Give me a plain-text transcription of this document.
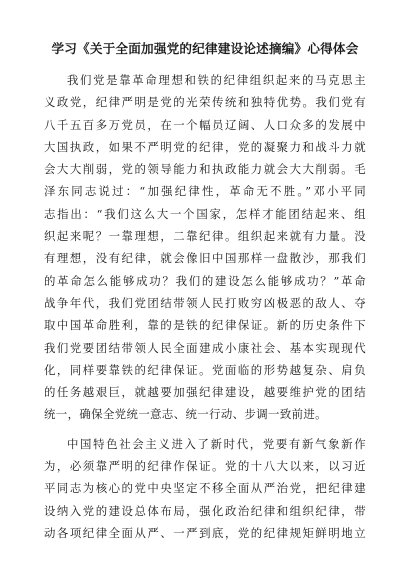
学习《关于全面加强党的纪律建设论述摘编》心得体会
我们党是靠革命理想和铁的纪律组织起来的马克思主
义政党，纪律严明是党的光荣传统和独特优势。我们党有
八千五百多万党员，在一个幅员辽阔、人口众多的发展中
大国执政，如果不严明党的纪律，党的凝聚力和战斗力就
会大大削弱，党的领导能力和执政能力就会大大削弱。毛
泽东同志说过：“加强纪律性，革命无不胜。”邓小平同
志指出：“我们这么大一个国家，怎样才能团结起来、组
织起来呢？一靠理想，二靠纪律。组织起来就有力量。没
有理想，没有纪律，就会像旧中国那样一盘散沙，那我们
的革命怎么能够成功？我们的建设怎么能够成功？”革命
战争年代，我们党团结带领人民打败穷凶极恶的敌人、夺
取中国革命胜利，靠的是铁的纪律保证。新的历史条件下
我们党要团结带领人民全面建成小康社会、基本实现现代
化，同样要靠铁的纪律保证。党面临的形势越复杂、肩负
的任务越艰巨，就越要加强纪律建设，越要维护党的团结
统一，确保全党统一意志、统一行动、步调一致前进。
中国特色社会主义进入了新时代，党要有新气象新作
为，必须靠严明的纪律作保证。党的十八大以来，以习近
平同志为核心的党中央坚定不移全面从严治党，把纪律建
设纳入党的建设总体布局，强化政治纪律和组织纪律，带
动各项纪律全面从严、一严到底，党的纪律规矩鲜明地立
